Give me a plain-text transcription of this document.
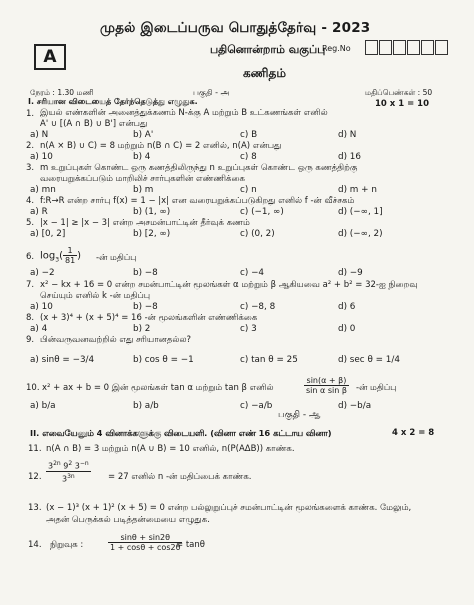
முதல் இடைப்பருவ பொதுத்தேர்வு - 2023
A	பதினொன்றாம் வகுப்பு
Reg.No
கணிதம்
நேரம் : 1.30 மணி	பகுதி - அ	மதிப்பெண்கள் : 50
10 x 1 = 10
I. சரியான விடையைத் தேர்ந்தெடுத்து எழுதுக.
1. இயல் எண்களின் அனைத்துக்கணம் N-க்கு A மற்றும் B உட்கணங்கள் எனில்
A' ∪ [(A ∩ B) ∪ B'] என்பது
a) N	b) A'	c) B	d) N
2. n(A × B) ∪ C) = 8 மற்றும் n(B ∩ C) = 2 எனில், n(A) என்பது
a) 10	b) 4	c) 8	d) 16
3. m உறுப்புகள் கொண்ட ஒரு கணத்திலிருந்து n உறுப்புகள் கொண்ட ஒரு கணத்திற்கு
வரையறுக்கப்படும் மாறிலிச் சார்புகளின் எண்ணிக்கை
a) mn	b) m	c) n	d) m + n
4. f:R→R என்ற சார்பு f(x) = 1 − |x| என வரையறுக்கப்படுகிறது எனில் f -ன் வீச்சகம்
a) R	b) (1, ∞)	c) (−1, ∞)	d) (−∞, 1]
5. |x − 1| ≥ |x − 3| என்ற அசமன்பாட்டின் தீர்வுக் கணம்
a) [0, 2]	b) [2, ∞)	c) (0, 2)	d) (−∞, 2)
6. $\log_3( \frac{1}{81}$ ) -ன் மதிப்பு
a) −2	b) −8	c) −4	d) −9
7. x² − kx + 16 = 0 என்ற சமன்பாட்டின் மூலங்கள் α மற்றும் β ஆகியவை a² + b² = 32-ஐ நிறைவு
செய்யும் எனில் k -ன் மதிப்பு
a) 10	b) −8	c) −8, 8	d) 6
8. (x + 3)⁴ + (x + 5)⁴ = 16 -ன் மூலங்களின் எண்ணிக்கை
a) 4	b) 2	c) 3	d) 0
9. பின்வருவனவற்றில் எது சரியானதல்ல?
a) sinθ = −3/4	b) cos θ = −1	c) tan θ = 25	d) sec θ = 1/4
10. x² + ax + b = 0 இன் மூலங்கள் tan α மற்றும் tan β எனில்	$\frac{\sin(\alpha + \beta)}{\text{sin α sin β}}$ -ன் மதிப்பு
a) b/a	b) a/b	c) −a/b	d) −b/a
பகுதி - ஆ
II. எவையேனும் 4 வினாக்களுக்கு விடையளி. (வினா எண் 16 கட்டாய வினா)	4 x 2 = 8
11. n(A ∩ B) = 3 மற்றும் n(A ∪ B) = 10 எனில், n(P(AΔB)) காண்க.
12. $\frac{3^{2n} 9^2 3^{-n}}{3^{3n}} = 27$ எனில் n -ன் மதிப்பைக் காண்க.
13. (x − 1)³ (x + 1)² (x + 5) = 0 என்ற பல்லுறுப்புச் சமன்பாட்டின் மூலங்களைக் காண்க. மேலும்,
அதன் பெருக்கல் படித்தன்மையை எழுதுக.
14. நிறுவுக :	$\frac{\sin\theta + \sin 2\theta}{1 + \cos\theta + \cos 2\theta}$
= tanθ
